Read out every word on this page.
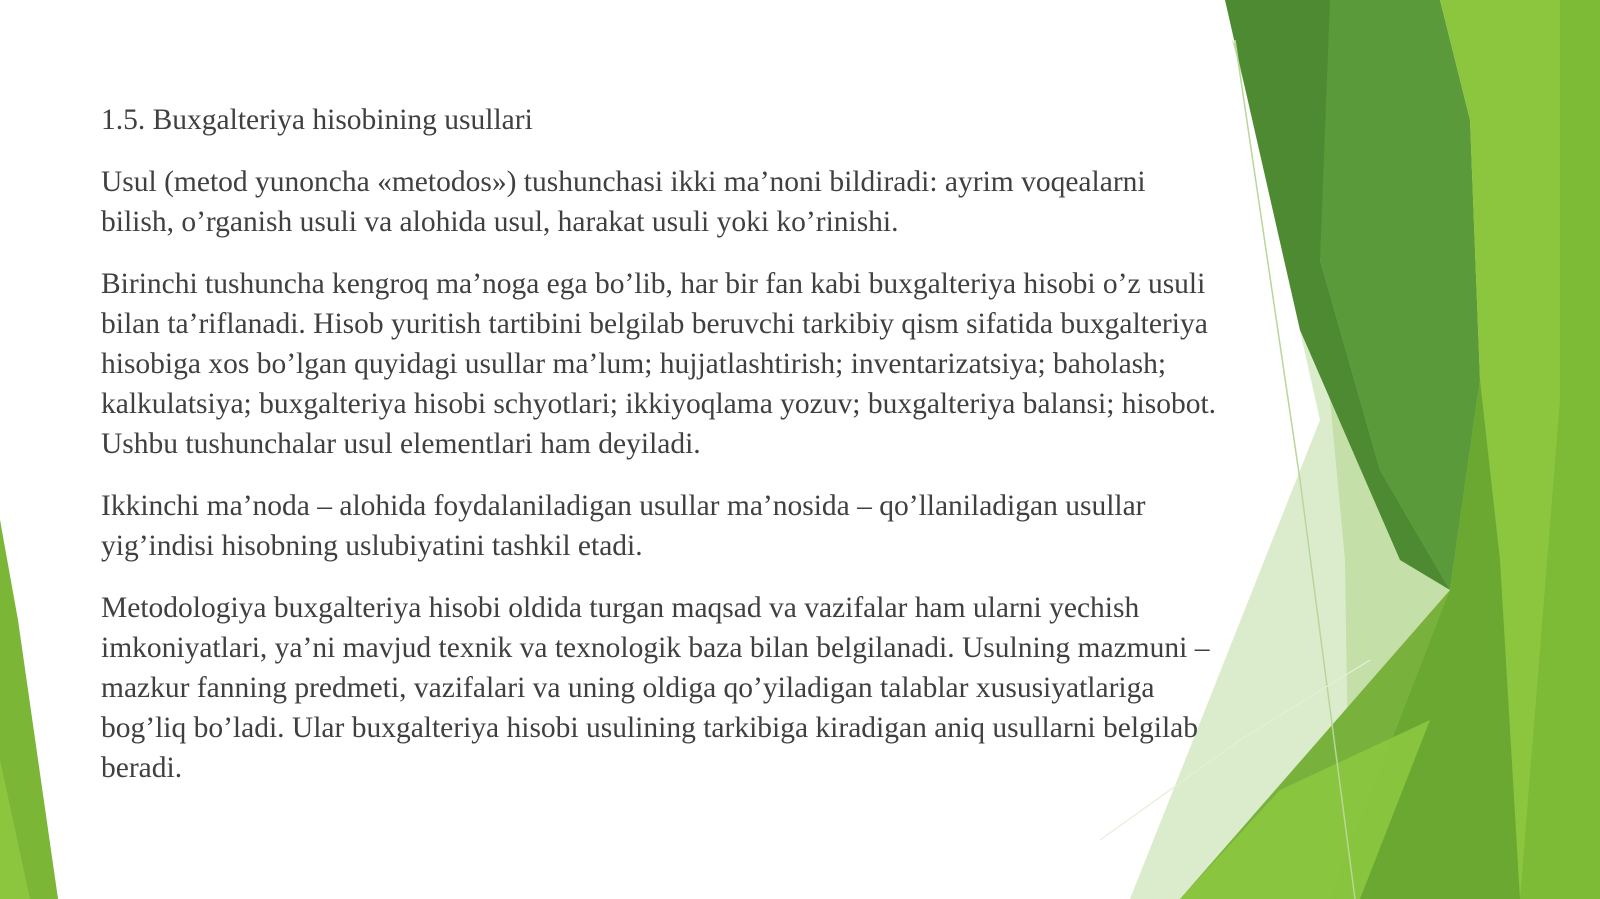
1.5. Buxgalteriya hisobining usullari

Usul (metod yunoncha «metodos») tushunchasi ikki ma’noni bildiradi: ayrim voqealarni
bilish, o’rganish usuli va alohida usul, harakat usuli yoki ko’rinishi.

Birinchi tushuncha kengroq ma’noga ega bo’lib, har bir fan kabi buxgalteriya hisobi o’z usuli
bilan ta’riflanadi. Hisob yuritish tartibini belgilab beruvchi tarkibiy qism sifatida buxgalteriya
hisobiga xos bo’lgan quyidagi usullar ma’lum; hujjatlashtirish; inventarizatsiya; baholash;
kalkulatsiya; buxgalteriya hisobi schyotlari; ikkiyoqlama yozuv; buxgalteriya balansi; hisobot.
Ushbu tushunchalar usul elementlari ham deyiladi.

Ikkinchi ma’noda – alohida foydalaniladigan usullar ma’nosida – qo’llaniladigan usullar
yig’indisi hisobning uslubiyatini tashkil etadi.

Metodologiya buxgalteriya hisobi oldida turgan maqsad va vazifalar ham ularni yechish
imkoniyatlari, ya’ni mavjud texnik va texnologik baza bilan belgilanadi. Usulning mazmuni –
mazkur fanning predmeti, vazifalari va uning oldiga qo’yiladigan talablar xususiyatlariga
bog’liq bo’ladi. Ular buxgalteriya hisobi usulining tarkibiga kiradigan aniq usullarni belgilab
beradi.
